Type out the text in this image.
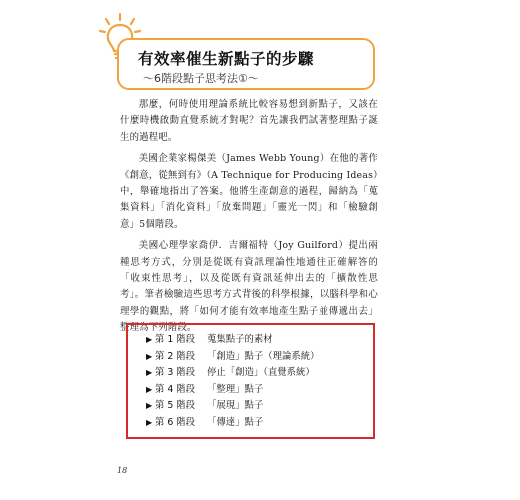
有效率催生新點子的步驟
～6階段點子思考法①～

那麼，何時使用理論系統比較容易想到新點子，又該在什麼時機啟動直覺系統才對呢？首先讓我們試著整理點子誕生的過程吧。

美國企業家楊傑美（James Webb Young）在他的著作《創意，從無到有》（A Technique for Producing Ideas）中，舉確地指出了答案。他將生產創意的過程，歸納為「蒐集資料」「消化資料」「放棄問題」「靈光一閃」和「檢驗創意」5個階段。

美國心理學家喬伊．吉爾福特（Joy Guilford）提出兩種思考方式，分別是從既有資訊理論性地通往正確解答的「收束性思考」，以及從既有資訊延伸出去的「擴散性思考」。筆者檢驗這些思考方式背後的科學根據，以腦科學和心理學的觀點，將「如何才能有效率地產生點子並傳遞出去」整理為下列階段。

▶ 第 1 階段 蒐集點子的素材
▶ 第 2 階段 「創造」點子（理論系統）
▶ 第 3 階段 停止「創造」（直覺系統）
▶ 第 4 階段 「整理」點子
▶ 第 5 階段 「展現」點子
▶ 第 6 階段 「傳達」點子
18
